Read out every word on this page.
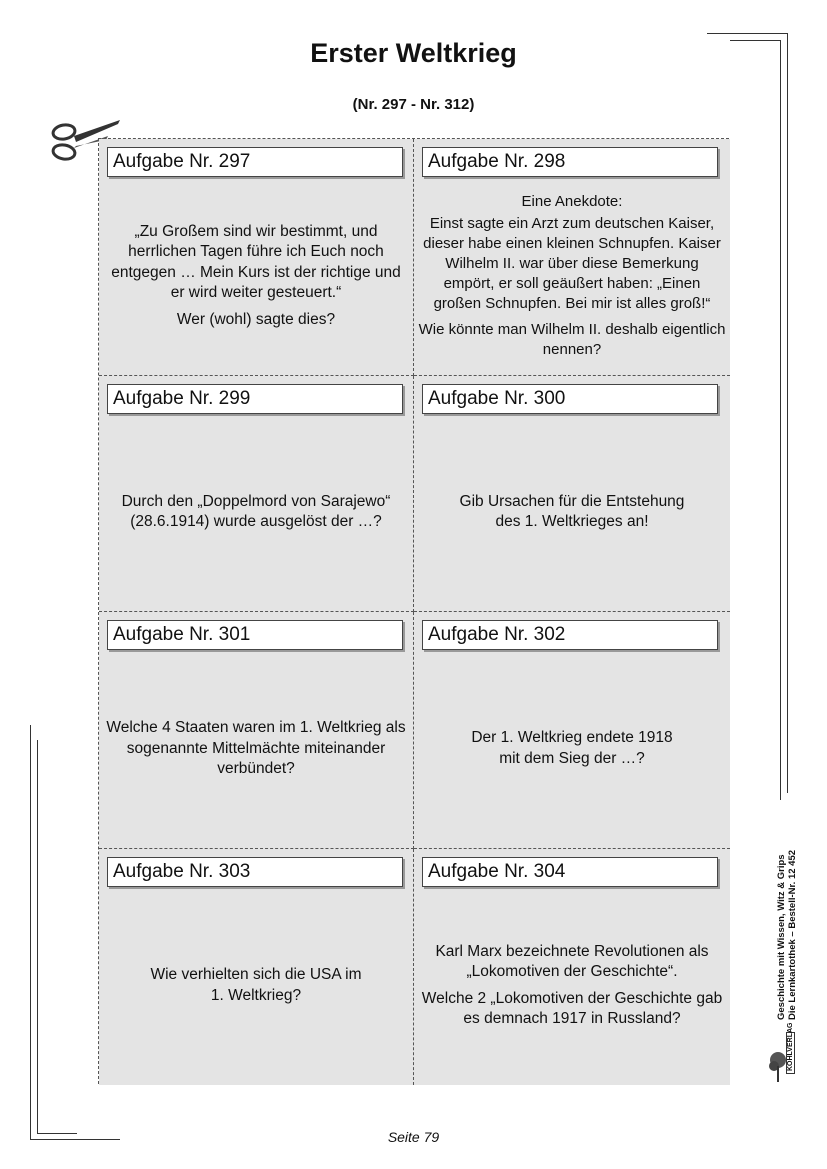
Erster Weltkrieg
(Nr. 297 - Nr. 312)
Aufgabe Nr. 297

„Zu Großem sind wir bestimmt, und herrlichen Tagen führe ich Euch noch entgegen … Mein Kurs ist der richtige und er wird weiter gesteuert.“

Wer (wohl) sagte dies?

Aufgabe Nr. 298

Eine Anekdote:

Einst sagte ein Arzt zum deutschen Kaiser, dieser habe einen kleinen Schnupfen. Kaiser Wilhelm II. war über diese Bemerkung empört, er soll geäußert haben: „Einen großen Schnupfen. Bei mir ist alles groß!“

Wie könnte man Wilhelm II. deshalb eigentlich nennen?

Aufgabe Nr. 299

Durch den „Doppelmord von Sarajewo“ (28.6.1914) wurde ausgelöst der …?

Aufgabe Nr. 300

Gib Ursachen für die Entstehung des 1. Weltkrieges an!

Aufgabe Nr. 301

Welche 4 Staaten waren im 1. Weltkrieg als sogenannte Mittelmächte miteinander verbündet?

Aufgabe Nr. 302

Der 1. Weltkrieg endete 1918 mit dem Sieg der …?

Aufgabe Nr. 303

Wie verhielten sich die USA im 1. Weltkrieg?

Aufgabe Nr. 304

Karl Marx bezeichnete Revolutionen als „Lokomotiven der Geschichte“.

Welche 2 „Lokomotiven der Geschichte gab es demnach 1917 in Russland?	Geschichte mit Wissen, Witz & Grips Die Lernkartothek – Bestell-Nr. 12 452
KOHLVERLAG
Seite 79
